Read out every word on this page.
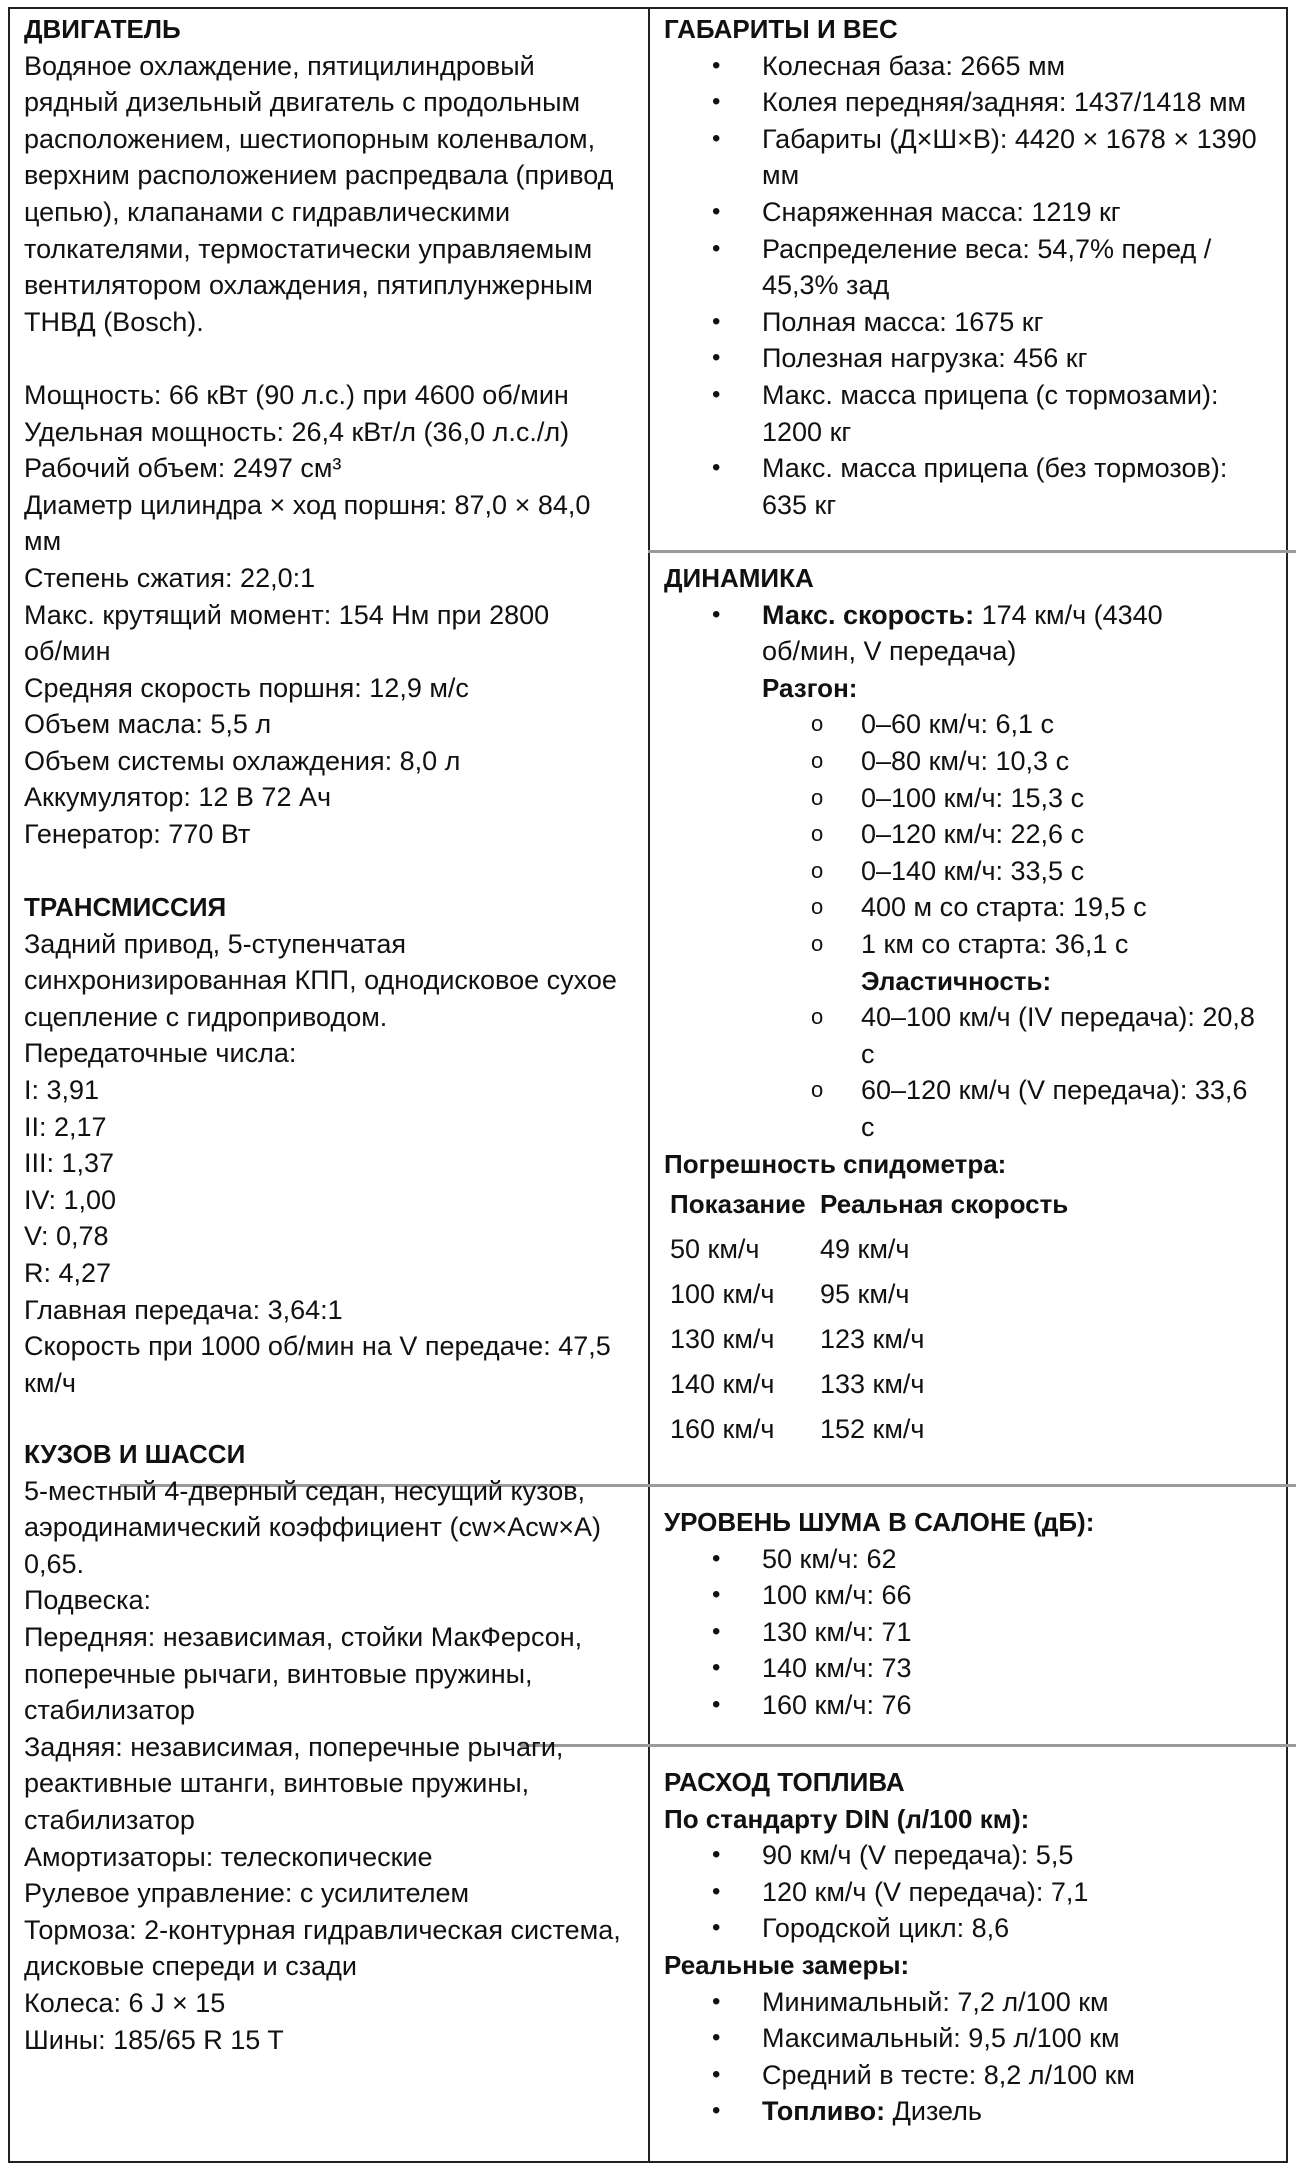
ДВИГАТЕЛЬ

Водяное охлаждение, пятицилиндровый

рядный дизельный двигатель с продольным

расположением, шестиопорным коленвалом,

верхним расположением распредвала (привод

цепью), клапанами с гидравлическими

толкателями, термостатически управляемым

вентилятором охлаждения, пятиплунжерным

ТНВД (Bosch).

Мощность: 66 кВт (90 л.с.) при 4600 об/мин

Удельная мощность: 26,4 кВт/л (36,0 л.с./л)

Рабочий объем: 2497 см³

Диаметр цилиндра × ход поршня: 87,0 × 84,0

мм

Степень сжатия: 22,0:1

Макс. крутящий момент: 154 Нм при 2800

об/мин

Средняя скорость поршня: 12,9 м/с

Объем масла: 5,5 л

Объем системы охлаждения: 8,0 л

Аккумулятор: 12 В 72 Ач

Генератор: 770 Вт

ТРАНСМИССИЯ

Задний привод, 5-ступенчатая

синхронизированная КПП, однодисковое сухое

сцепление с гидроприводом.

Передаточные числа:

I: 3,91

II: 2,17

III: 1,37

IV: 1,00

V: 0,78

R: 4,27

Главная передача: 3,64:1

Скорость при 1000 об/мин на V передаче: 47,5

км/ч

КУЗОВ И ШАССИ

5-местный 4-дверный седан, несущий кузов,

аэродинамический коэффициент (cw×Acw×A)

0,65.

Подвеска:

Передняя: независимая, стойки МакФерсон,

поперечные рычаги, винтовые пружины,

стабилизатор

Задняя: независимая, поперечные рычаги,

реактивные штанги, винтовые пружины,

стабилизатор

Амортизаторы: телескопические

Рулевое управление: с усилителем

Тормоза: 2-контурная гидравлическая система,

дисковые спереди и сзади

Колеса: 6 J × 15

Шины: 185/65 R 15 T

ГАБАРИТЫ И ВЕС
• Колесная база: 2665 мм
• Колея передняя/задняя: 1437/1418 мм
• Габариты (Д×Ш×В): 4420 × 1678 × 1390
мм
• Снаряженная масса: 1219 кг
• Распределение веса: 54,7% перед /
45,3% зад
• Полная масса: 1675 кг
• Полезная нагрузка: 456 кг
• Макс. масса прицепа (с тормозами):
1200 кг
• Макс. масса прицепа (без тормозов):
635 кг
ДИНАМИКА
• Макс. скорость: 174 км/ч (4340
об/мин, V передача)
Разгон:
o 0–60 км/ч: 6,1 с
o 0–80 км/ч: 10,3 с
o 0–100 км/ч: 15,3 с
o 0–120 км/ч: 22,6 с
o 0–140 км/ч: 33,5 с
o 400 м со старта: 19,5 с
o 1 км со старта: 36,1 с
Эластичность:
o 40–100 км/ч (IV передача): 20,8
с
o 60–120 км/ч (V передача): 33,6
с
Погрешность спидометра:
Показание	Реальная скорость
50 км/ч	49 км/ч
100 км/ч	95 км/ч
130 км/ч	123 км/ч
140 км/ч	133 км/ч
160 км/ч	152 км/ч
УРОВЕНЬ ШУМА В САЛОНЕ (дБ):
• 50 км/ч: 62
• 100 км/ч: 66
• 130 км/ч: 71
• 140 км/ч: 73
• 160 км/ч: 76
РАСХОД ТОПЛИВА
По стандарту DIN (л/100 км):
• 90 км/ч (V передача): 5,5
• 120 км/ч (V передача): 7,1
• Городской цикл: 8,6
Реальные замеры:
• Минимальный: 7,2 л/100 км
• Максимальный: 9,5 л/100 км
• Средний в тесте: 8,2 л/100 км
• Топливо: Дизель
